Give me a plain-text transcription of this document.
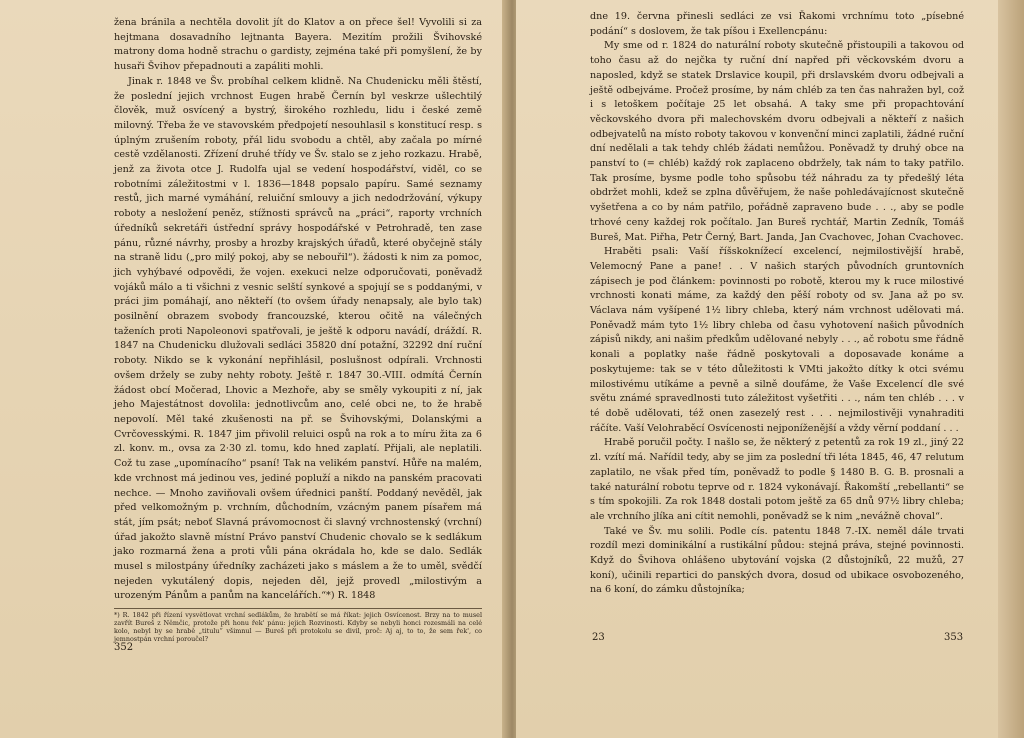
žena bránila a nechtěla dovolit jít do Klatov a on přece šel! Vyvolili si za hejtmana dosavadního lejtnanta Bayera. Mezitím prožili Švihovské matrony doma hodně strachu o gardisty, zejména také při pomyšlení, že by husaři Švihov přepadnouti a zapáliti mohli.

Jinak r. 1848 ve Šv. probíhal celkem klidně. Na Chudenicku měli štěstí, že poslední jejich vrchnost Eugen hrabě Černín byl veskrze ušlechtilý člověk, muž osvícený a bystrý, širokého rozhledu, lidu i české země milovný. Třeba že ve stavovském předpojetí nesouhlasil s konstitucí resp. s úplným zrušením roboty, přál lidu svobodu a chtěl, aby začala po mírné cestě vzdělanosti. Zřízení druhé třídy ve Šv. stalo se z jeho rozkazu. Hrabě, jenž za života otce J. Rudolfa ujal se vedení hospodářství, viděl, co se robotními záležitostmi v l. 1836—1848 popsalo papíru. Samé seznamy restů, jich marné vymáhání, reluiční smlouvy a jich nedodržování, výkupy roboty a nesložení peněz, stížnosti správců na „práci“, raporty vrchních úředníků sekretáři ústřední správy hospodářské v Petrohradě, ten zase pánu, různé návrhy, prosby a hrozby krajských úřadů, které obyčejně stály na straně lidu („pro milý pokoj, aby se nebouřil“). žádosti k nim za pomoc, jich vyhýbavé odpovědi, že vojen. exekuci nelze odporučovati, poněvadž vojáků málo a ti všichni z vesnic selští synkové a spojují se s poddanými, v práci jim pomáhají, ano někteří (to ovšem úřady nenapsaly, ale bylo tak) posilnění obrazem svobody francouzské, kterou očitě na válečných taženích proti Napoleonovi spatřovali, je ještě k odporu navádí, dráždí. R. 1847 na Chudenicku dlužovali sedláci 35820 dní potažní, 32292 dní ruční roboty. Nikdo se k vykonání nepřihlásil, poslušnost odpírali. Vrchnosti ovšem držely se zuby nehty roboty. Ještě r. 1847 30.-VIII. odmítá Černín žádost obcí Močerad, Lhovic a Mezhoře, aby se směly vykoupiti z ní, jak jeho Majestátnost dovolila: jednotlivcům ano, celé obci ne, to že hrabě nepovolí. Měl také zkušenosti na př. se Švihovskými, Dolanskými a Cvrčovesskými. R. 1847 jim přivolil reluici ospů na rok a to míru žita za 6 zl. konv. m., ovsa za 2·30 zl. tomu, kdo hned zaplatí. Přijali, ale neplatili. Což tu zase „upomínacího“ psaní! Tak na velikém panství. Hůře na malém, kde vrchnost má jedinou ves, jediné popluží a nikdo na panském pracovati nechce. — Mnoho zaviňovali ovšem úřednici panští. Poddaný nevěděl, jak před velkomožným p. vrchním, důchodním, vzácným panem písařem má stát, jím psát; neboť Slavná právomocnost či slavný vrchnostenský (vrchní) úřad jakožto slavně místní Právo panství Chudenic chovalo se k sedlákum jako rozmarná žena a proti vůli pána okrádala ho, kde se dalo. Sedlák musel s milostpány úředníky zacházeti jako s máslem a že to uměl, svědčí nejeden vykutálený dopis, nejeden děl, jejž provedl „milostivým a urozeným Pánům a panům na kancelářích.“*) R. 1848

*) R. 1842 při řízení vysvětlovat vrchní sedlákům, že hrabětí se má říkat: jejich Osvícenost. Brzy na to musel zavřít Bureš z Němčic, protože při honu řek' pánu: jejich Rozvinosti. Kdyby se nebyli honci rozesmáli na celé kolo, nebyl by se hrabě „titulu“ všimnul — Bureš při protokolu se divil, proč: Aj aj, to to, že sem řek', co jemnostpán vrchní poroučel?
352

dne 19. června přinesli sedláci ze vsi Řakomi vrchnímu toto „písebné podání“ s doslovem, že tak píšou i Exellencpánu:

My sme od r. 1824 do naturální roboty skutečně přistoupili a takovou od toho času až do nejčka ty ruční dní napřed při věckovském dvoru a naposled, když se statek Drslavice koupil, při drslavském dvoru odbejvali a ještě odbejváme. Pročež prosíme, by nám chléb za ten čas nahražen byl, což i s letoškem počítaje 25 let obsahá. A taky sme při propachtování věckovského dvora při malechovském dvoru odbejvali a někteří z našich odbejvatelů na místo roboty takovou v konvenční minci zaplatili, žádné ruční dní nedělali a tak tehdy chléb žádati nemůžou. Poněvadž ty druhý obce na panství to (= chléb) každý rok zaplaceno obdržely, tak nám to taky patřilo. Tak prosíme, bysme podle toho spůsobu též náhradu za ty předešlý léta obdržet mohli, kdež se zplna důvěřujem, že naše pohledávajícnost skutečně vyšetřena a co by nám patřilo, pořádně zapraveno bude . . ., aby se podle trhové ceny každej rok počítalo. Jan Bureš rychtář, Martin Zedník, Tomáš Bureš, Mat. Piřha, Petr Černý, Bart. Janda, Jan Cvachovec, Johan Cvachovec.

Hraběti psali: Vaší říšskoknížecí excelencí, nejmilostivější hrabě, Velemocný Pane a pane! . . V našich starých původních gruntovních zápisech je pod článkem: povinnosti po robotě, kterou my k ruce milostivé vrchnosti konati máme, za každý den pěší roboty od sv. Jana až po sv. Václava nám vyšípené 1½ libry chleba, který nám vrchnost udělovati má. Poněvadž mám tyto 1½ libry chleba od času vyhotovení našich původních zápisů nikdy, ani našim předkům udělované nebyly . . ., ač robotu sme řádně konali a poplatky naše řádně poskytovali a doposavade konáme a poskytujeme: tak se v této důležitosti k VMti jakožto dítky k otci svému milostivému utíkáme a pevně a silně doufáme, že Vaše Excelencí dle své světu známé spravedlnosti tuto záležitost vyšetřiti . . ., nám ten chléb . . . v té době udělovati, též onen zasezelý rest . . . nejmilostivěji vynahraditi ráčíte. Vaší Velohraběcí Osvícenosti nejponíženější a vždy věrní poddaní . . .

Hrabě poručil počty. I našlo se, že některý z petentů za rok 19 zl., jiný 22 zl. vzítí má. Nařídil tedy, aby se jim za poslední tři léta 1845, 46, 47 relutum zaplatilo, ne však před tím, poněvadž to podle § 1480 B. G. B. prosnali a také naturální robotu teprve od r. 1824 vykonávají. Řakomští „rebellanti“ se s tím spokojili. Za rok 1848 dostali potom ještě za 65 dnů 97½ libry chleba; ale vrchního jlíka ani cítit nemohli, poněvadž se k nim „nevážně choval“.

Také ve Šv. mu solili. Podle cís. patentu 1848 7.-IX. neměl dále trvati rozdíl mezi dominikální a rustikální půdou: stejná práva, stejné povinnosti. Když do Švihova ohlášeno ubytování vojska (2 důstojníků, 22 mužů, 27 koní), učinili repartici do panských dvora, dosud od ubikace osvobozeného, na 6 koní, do zámku důstojníka;

23	353
